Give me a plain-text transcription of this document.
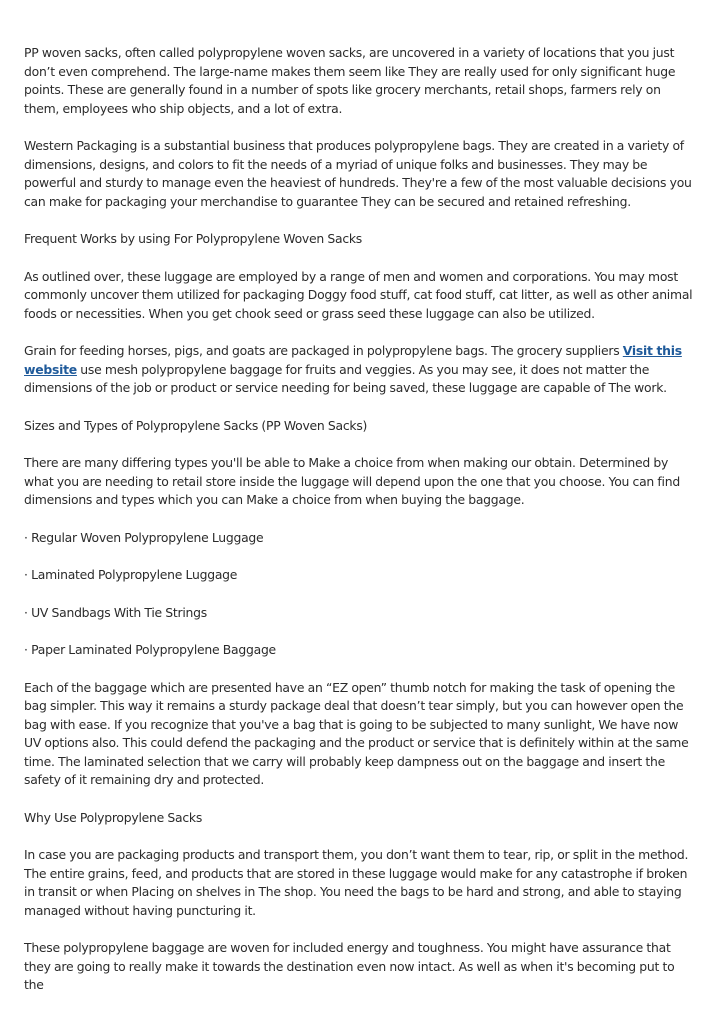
PP woven sacks, often called polypropylene woven sacks, are uncovered in a variety of locations that you just don’t even comprehend. The large-name makes them seem like They are really used for only significant huge points. These are generally found in a number of spots like grocery merchants, retail shops, farmers rely on them, employees who ship objects, and a lot of extra.

Western Packaging is a substantial business that produces polypropylene bags. They are created in a variety of dimensions, designs, and colors to fit the needs of a myriad of unique folks and businesses. They may be powerful and sturdy to manage even the heaviest of hundreds. They're a few of the most valuable decisions you can make for packaging your merchandise to guarantee They can be secured and retained refreshing.

Frequent Works by using For Polypropylene Woven Sacks

As outlined over, these luggage are employed by a range of men and women and corporations. You may most commonly uncover them utilized for packaging Doggy food stuff, cat food stuff, cat litter, as well as other animal foods or necessities. When you get chook seed or grass seed these luggage can also be utilized.

Grain for feeding horses, pigs, and goats are packaged in polypropylene bags. The grocery suppliers Visit this website use mesh polypropylene baggage for fruits and veggies. As you may see, it does not matter the dimensions of the job or product or service needing for being saved, these luggage are capable of The work.

Sizes and Types of Polypropylene Sacks (PP Woven Sacks)

There are many differing types you'll be able to Make a choice from when making our obtain. Determined by what you are needing to retail store inside the luggage will depend upon the one that you choose. You can find dimensions and types which you can Make a choice from when buying the baggage.

· Regular Woven Polypropylene Luggage

· Laminated Polypropylene Luggage

· UV Sandbags With Tie Strings

· Paper Laminated Polypropylene Baggage

Each of the baggage which are presented have an “EZ open” thumb notch for making the task of opening the bag simpler. This way it remains a sturdy package deal that doesn’t tear simply, but you can however open the bag with ease. If you recognize that you've a bag that is going to be subjected to many sunlight, We have now UV options also. This could defend the packaging and the product or service that is definitely within at the same time. The laminated selection that we carry will probably keep dampness out on the baggage and insert the safety of it remaining dry and protected.

Why Use Polypropylene Sacks

In case you are packaging products and transport them, you don’t want them to tear, rip, or split in the method. The entire grains, feed, and products that are stored in these luggage would make for any catastrophe if broken in transit or when Placing on shelves in The shop. You need the bags to be hard and strong, and able to staying managed without having puncturing it.

These polypropylene baggage are woven for included energy and toughness. You might have assurance that they are going to really make it towards the destination even now intact. As well as when it's becoming put to the
